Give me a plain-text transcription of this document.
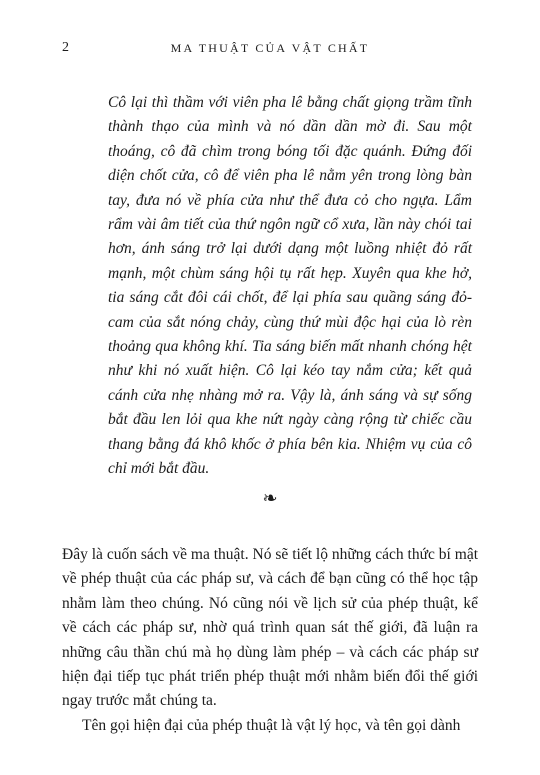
2	MA THUẬT CỦA VẬT CHẤT

Cô lại thì thầm với viên pha lê bằng chất giọng trầm tĩnh thành thạo của mình và nó dần dần mờ đi. Sau một thoáng, cô đã chìm trong bóng tối đặc quánh. Đứng đối diện chốt cửa, cô để viên pha lê nằm yên trong lòng bàn tay, đưa nó về phía cửa như thể đưa cỏ cho ngựa. Lẩm rẩm vài âm tiết của thứ ngôn ngữ cổ xưa, lần này chói tai hơn, ánh sáng trở lại dưới dạng một luồng nhiệt đỏ rất mạnh, một chùm sáng hội tụ rất hẹp. Xuyên qua khe hở, tia sáng cắt đôi cái chốt, để lại phía sau quầng sáng đỏ-cam của sắt nóng chảy, cùng thứ mùi độc hại của lò rèn thoảng qua không khí. Tia sáng biến mất nhanh chóng hệt như khi nó xuất hiện. Cô lại kéo tay nắm cửa; kết quả cánh cửa nhẹ nhàng mở ra. Vậy là, ánh sáng và sự sống bắt đầu len lỏi qua khe nứt ngày càng rộng từ chiếc cầu thang bằng đá khô khốc ở phía bên kia. Nhiệm vụ của cô chỉ mới bắt đầu.

❧

Đây là cuốn sách về ma thuật. Nó sẽ tiết lộ những cách thức bí mật về phép thuật của các pháp sư, và cách để bạn cũng có thể học tập nhằm làm theo chúng. Nó cũng nói về lịch sử của phép thuật, kể về cách các pháp sư, nhờ quá trình quan sát thế giới, đã luận ra những câu thần chú mà họ dùng làm phép – và cách các pháp sư hiện đại tiếp tục phát triển phép thuật mới nhằm biến đổi thế giới ngay trước mắt chúng ta.

Tên gọi hiện đại của phép thuật là vật lý học, và tên gọi dành
